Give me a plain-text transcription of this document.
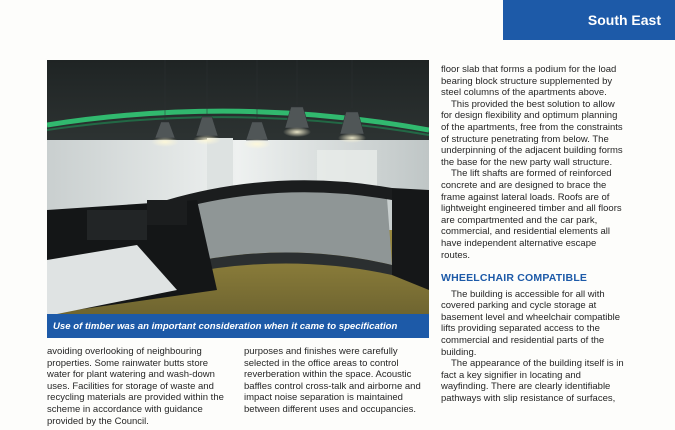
South East
Use of timber was an important consideration when it came to specification

avoiding overlooking of neighbouring properties. Some rainwater butts store water for plant watering and wash-down uses. Facilities for storage of waste and recycling materials are provided within the scheme in accordance with guidance provided by the Council.

purposes and finishes were carefully selected in the office areas to control reverberation within the space. Acoustic baffles control cross-talk and airborne and impact noise separation is maintained between different uses and occupancies.

floor slab that forms a podium for the load bearing block structure supplemented by steel columns of the apartments above.

This provided the best solution to allow for design flexibility and optimum planning of the apartments, free from the constraints of structure penetrating from below. The underpinning of the adjacent building forms the base for the new party wall structure.

The lift shafts are formed of reinforced concrete and are designed to brace the frame against lateral loads. Roofs are of lightweight engineered timber and all floors are compartmented and the car park, commercial, and residential elements all have independent alternative escape routes.

WHEELCHAIR COMPATIBLE

The building is accessible for all with covered parking and cycle storage at basement level and wheelchair compatible lifts providing separated access to the commercial and residential parts of the building.

The appearance of the building itself is in fact a key signifier in locating and wayfinding. There are clearly identifiable pathways with slip resistance of surfaces,
